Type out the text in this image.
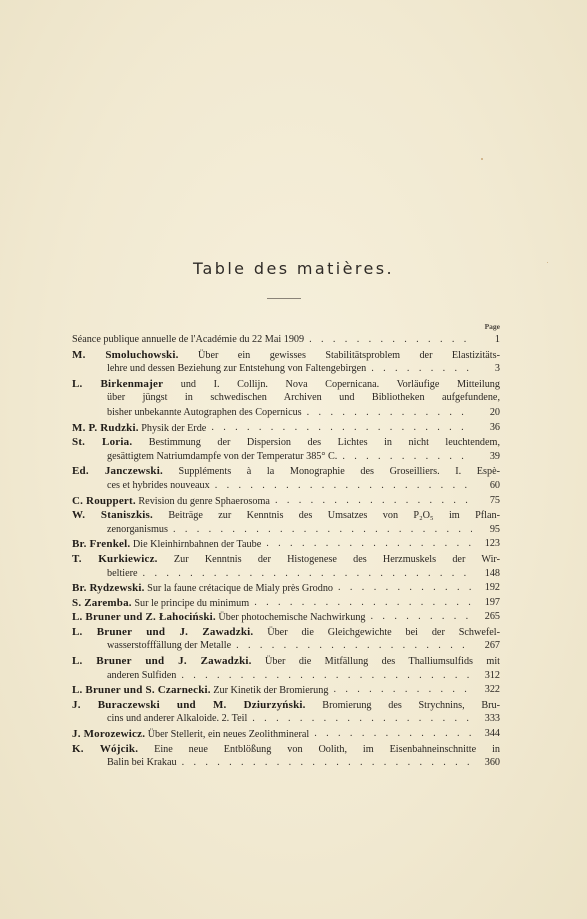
Table des matières.
Page
Séance publique annuelle de l'Académie du 22 Mai 1909 . . .	1
M. Smoluchowski. Über ein gewisses Stabilitätsproblem der Elastizitäts-
lehre und dessen Beziehung zur Entstehung von Faltengebirgen . . .	3
L. Birkenmajer und I. Collijn. Nova Copernicana. Vorläufige Mitteilung
über jüngst in schwedischen Archiven und Bibliotheken aufgefundene,
bisher unbekannte Autographen des Copernicus . . .	20
M. P. Rudzki. Physik der Erde . . .	36
St. Loria. Bestimmung der Dispersion des Lichtes in nicht leuchtendem,
gesättigtem Natriumdampfe von der Temperatur 385° C. . . .	39
Ed. Janczewski. Suppléments à la Monographie des Groseilliers. I. Espè-
ces et hybrides nouveaux . . .	60
C. Rouppert. Revision du genre Sphaerosoma . . .	75
W. Staniszkis. Beiträge zur Kenntnis des Umsatzes von P₂O₅ im Pflan-
zenorganismus . . .	95
Br. Frenkel. Die Kleinhirnbahnen der Taube . . .	123
T. Kurkiewicz. Zur Kenntnis der Histogenese des Herzmuskels der Wir-
beltiere . . .	148
Br. Rydzewski. Sur la faune crétacique de Mialy près Grodno . . .	192
S. Zaremba. Sur le principe du minimum . . .	197
L. Bruner und Z. Łahociński. Über photochemische Nachwirkung . . .	265
L. Bruner und J. Zawadzki. Über die Gleichgewichte bei der Schwefel-
wasserstofffällung der Metalle . . .	267
L. Bruner und J. Zawadzki. Über die Mitfällung des Thalliumsulfids mit
anderen Sulfiden . . .	312
L. Bruner und S. Czarnecki. Zur Kinetik der Bromierung . . .	322
J. Buraczewski und M. Dziurzyński. Bromierung des Strychnins, Bru-
cins und anderer Alkaloide. 2. Teil . . .	333
J. Morozewicz. Über Stellerit, ein neues Zeolithmineral . . .	344
K. Wójcik. Eine neue Entblößung von Oolith, im Eisenbahneinschnitte in
Balin bei Krakau . . .	360
